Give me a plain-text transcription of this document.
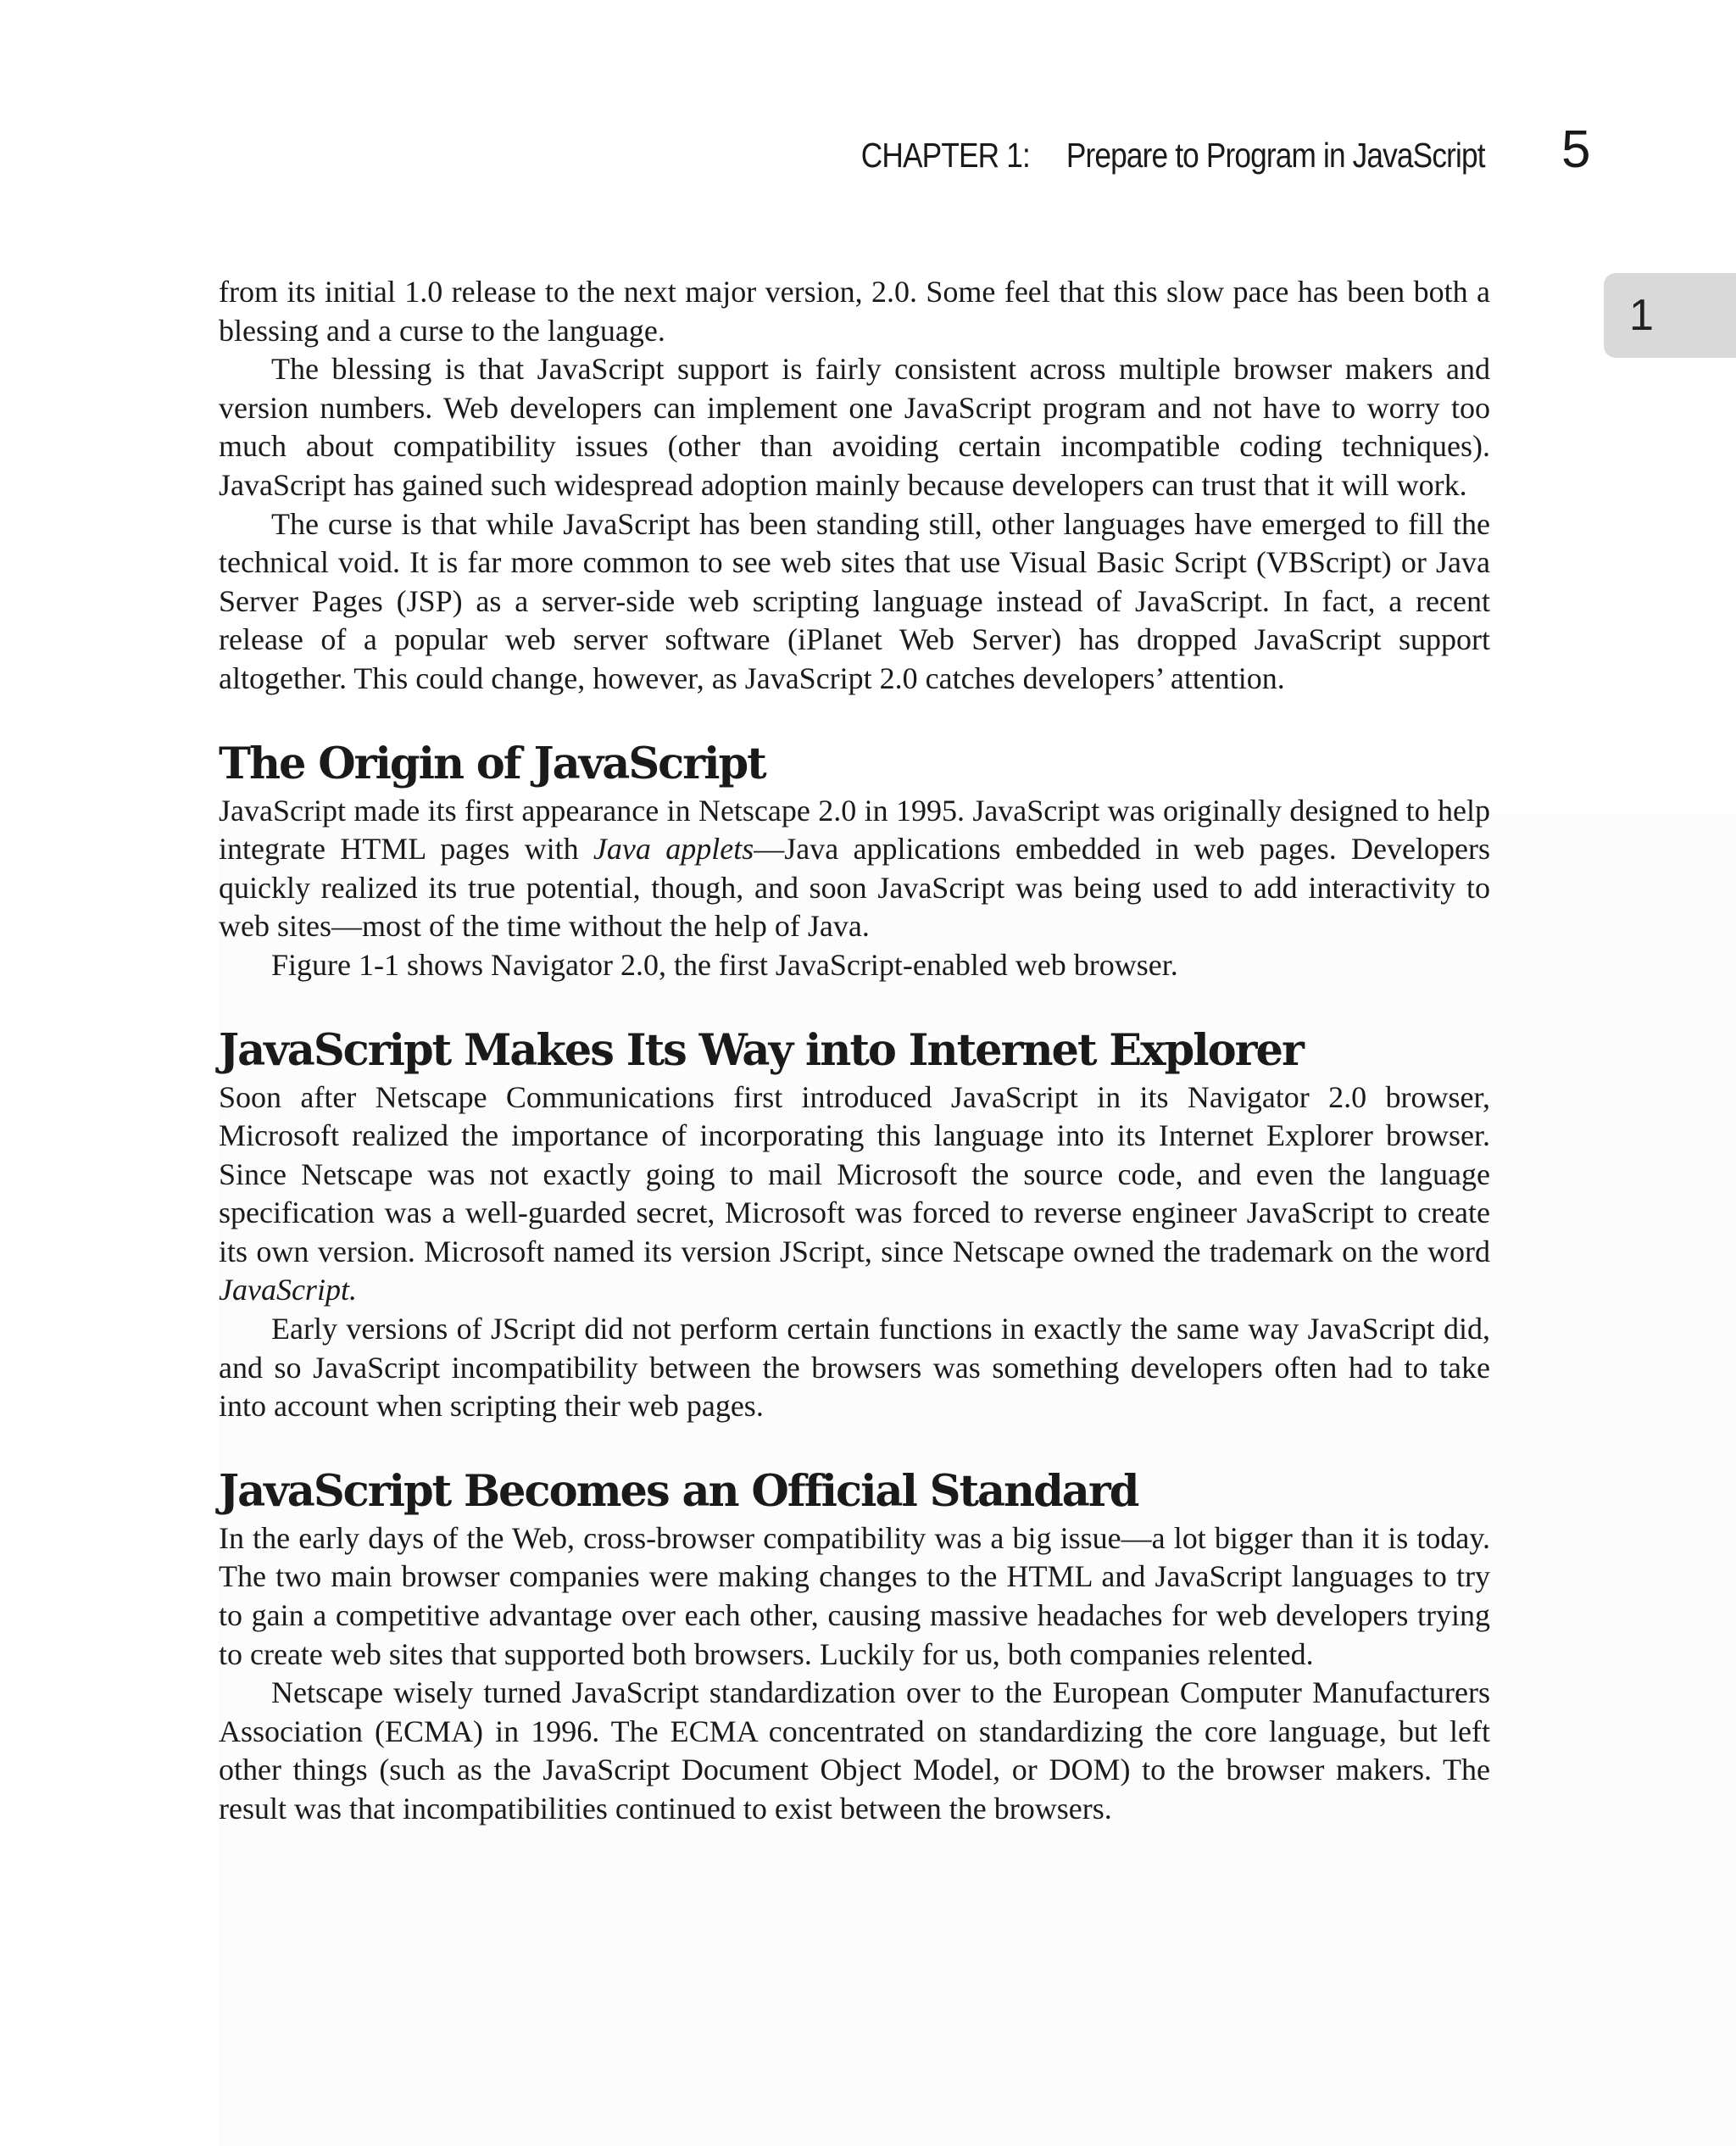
CHAPTER 1: Prepare to Program in JavaScript 5
1

from its initial 1.0 release to the next major version, 2.0. Some feel that this slow pace has been both a blessing and a curse to the language.

The blessing is that JavaScript support is fairly consistent across multiple browser makers and version numbers. Web developers can implement one JavaScript program and not have to worry too much about compatibility issues (other than avoiding certain incompatible coding techniques). JavaScript has gained such widespread adoption mainly because developers can trust that it will work.

The curse is that while JavaScript has been standing still, other languages have emerged to fill the technical void. It is far more common to see web sites that use Visual Basic Script (VBScript) or Java Server Pages (JSP) as a server-side web scripting language instead of JavaScript. In fact, a recent release of a popular web server software (iPlanet Web Server) has dropped JavaScript support altogether. This could change, however, as JavaScript 2.0 catches developers’ attention.

The Origin of JavaScript

JavaScript made its first appearance in Netscape 2.0 in 1995. JavaScript was originally designed to help integrate HTML pages with Java applets—Java applications embedded in web pages. Developers quickly realized its true potential, though, and soon JavaScript was being used to add interactivity to web sites—most of the time without the help of Java.

Figure 1-1 shows Navigator 2.0, the first JavaScript-enabled web browser.

JavaScript Makes Its Way into Internet Explorer

Soon after Netscape Communications first introduced JavaScript in its Navigator 2.0 browser, Microsoft realized the importance of incorporating this language into its Internet Explorer browser. Since Netscape was not exactly going to mail Microsoft the source code, and even the language specification was a well-guarded secret, Microsoft was forced to reverse engineer JavaScript to create its own version. Microsoft named its version JScript, since Netscape owned the trademark on the word JavaScript.

Early versions of JScript did not perform certain functions in exactly the same way JavaScript did, and so JavaScript incompatibility between the browsers was something developers often had to take into account when scripting their web pages.

JavaScript Becomes an Official Standard

In the early days of the Web, cross-browser compatibility was a big issue—a lot bigger than it is today. The two main browser companies were making changes to the HTML and JavaScript languages to try to gain a competitive advantage over each other, causing massive headaches for web developers trying to create web sites that supported both browsers. Luckily for us, both companies relented.

Netscape wisely turned JavaScript standardization over to the European Computer Manufacturers Association (ECMA) in 1996. The ECMA concentrated on standardizing the core language, but left other things (such as the JavaScript Document Object Model, or DOM) to the browser makers. The result was that incompatibilities continued to exist between the browsers.
